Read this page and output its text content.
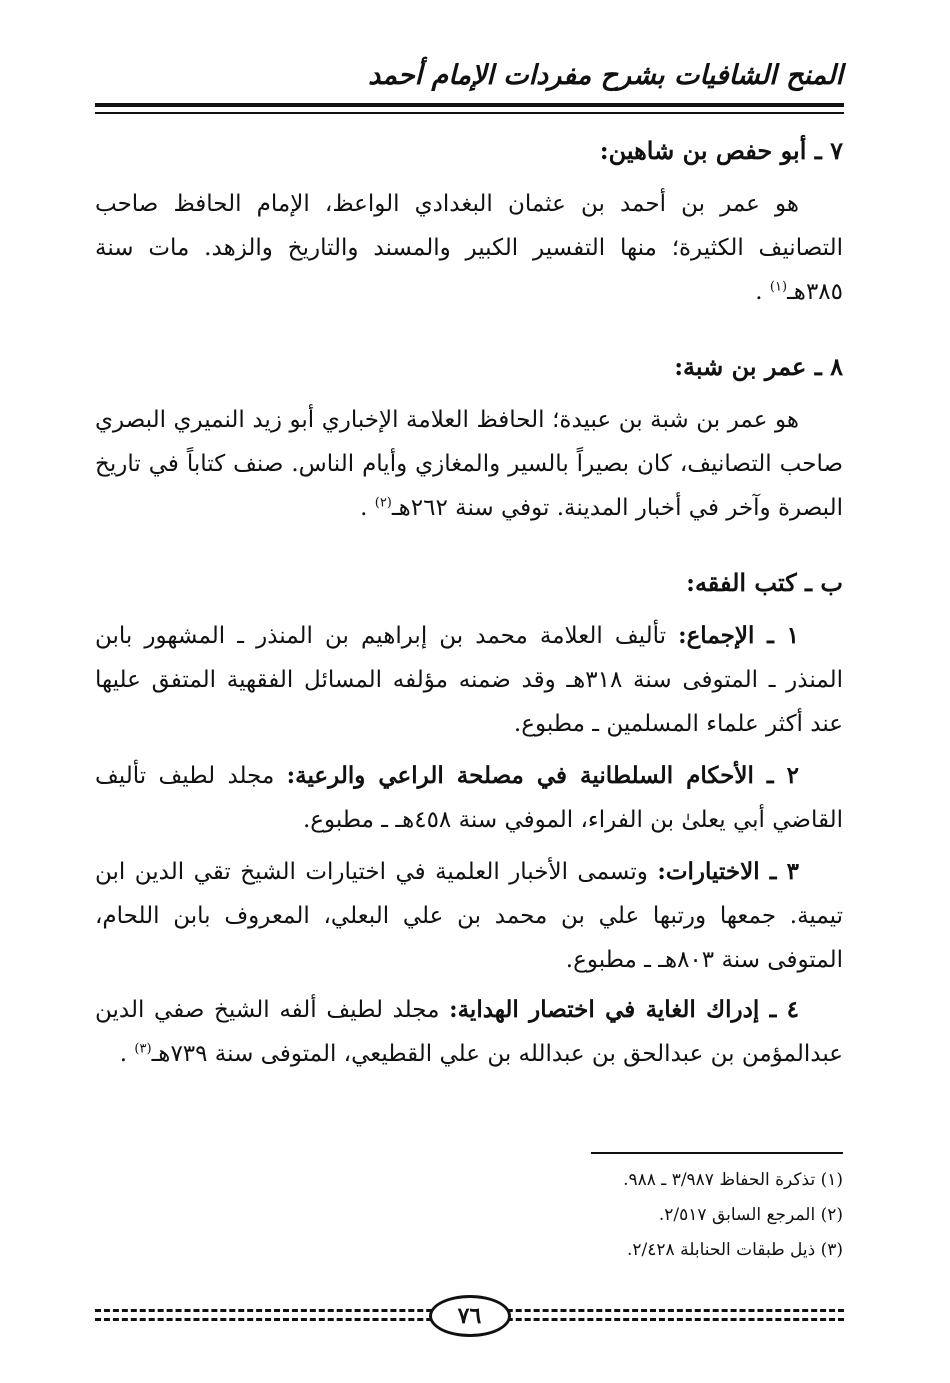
المنح الشافيات بشرح مفردات الإمام أحمد
٧ ـ أبو حفص بن شاهين:
هو عمر بن أحمد بن عثمان البغدادي الواعظ، الإمام الحافظ صاحب التصانيف الكثيرة؛ منها التفسير الكبير والمسند والتاريخ والزهد. مات سنة ٣٨٥هـ$^{(١)}$ .
٨ ـ عمر بن شبة:
هو عمر بن شبة بن عبيدة؛ الحافظ العلامة الإخباري أبو زيد النميري البصري صاحب التصانيف، كان بصيراً بالسير والمغازي وأيام الناس. صنف كتاباً في تاريخ البصرة وآخر في أخبار المدينة. توفي سنة ٢٦٢هـ$^{(٢)}$ .
ب ـ كتب الفقه:
١ ـ الإجماع: تأليف العلامة محمد بن إبراهيم بن المنذر ـ المشهور بابن المنذر ـ المتوفى سنة ٣١٨هـ وقد ضمنه مؤلفه المسائل الفقهية المتفق عليها عند أكثر علماء المسلمين ـ مطبوع.
٢ ـ الأحكام السلطانية في مصلحة الراعي والرعية: مجلد لطيف تأليف القاضي أبي يعلىٰ بن الفراء، الموفي سنة ٤٥٨هـ ـ مطبوع.
٣ ـ الاختيارات: وتسمى الأخبار العلمية في اختيارات الشيخ تقي الدين ابن تيمية. جمعها ورتبها علي بن محمد بن علي البعلي، المعروف بابن اللحام، المتوفى سنة ٨٠٣هـ ـ مطبوع.
٤ ـ إدراك الغاية في اختصار الهداية: مجلد لطيف ألفه الشيخ صفي الدين عبدالمؤمن بن عبدالحق بن عبدالله بن علي القطيعي، المتوفى سنة ٧٣٩هـ$^{(٣)}$ .
(١) تذكرة الحفاظ ٣/٩٨٧ ـ ٩٨٨.
(٢) المرجع السابق ٢/٥١٧.
(٣) ذيل طبقات الحنابلة ٢/٤٢٨.
٧٦
